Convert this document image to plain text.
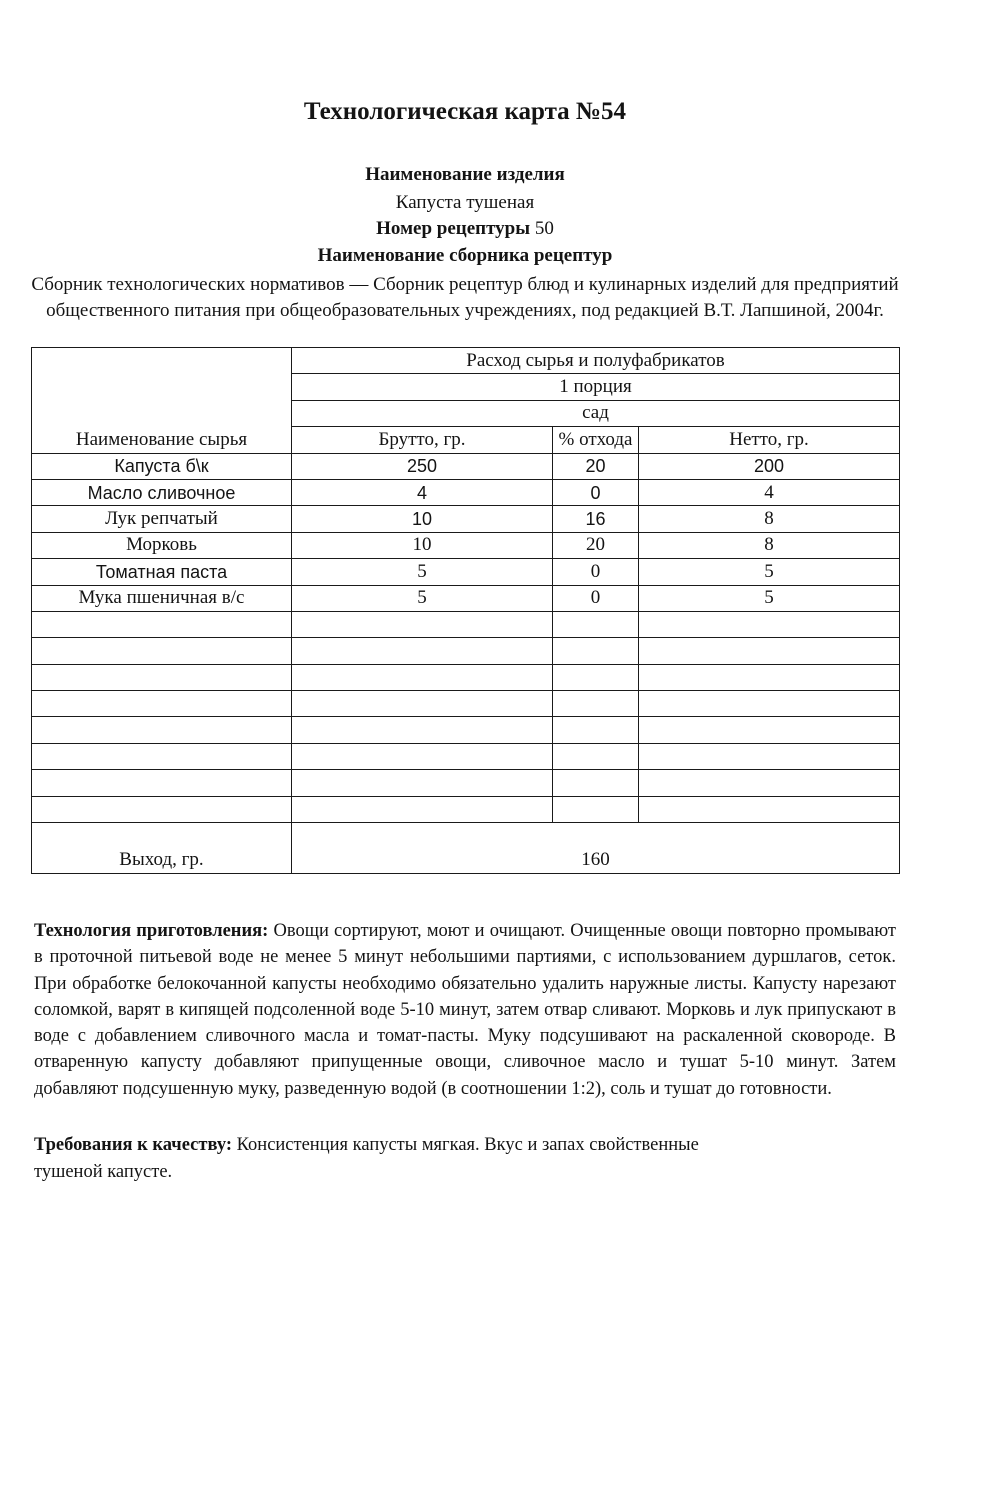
Технологическая карта №54
Наименование изделия
Капуста тушеная
Номер рецептуры 50
Наименование сборника рецептур
Сборник технологических нормативов — Сборник рецептур блюд и кулинарных изделий для предприятий общественного питания при общеобразовательных учреждениях, под редакцией В.Т. Лапшиной, 2004г.
Наименование сырья	Расход сырья и полуфабрикатов		
	1 порция		
	сад		
	Брутто, гр.	% отхода	Нетто, гр.
Капуста б\к	250	20	200
Масло сливочное	4	0	4
Лук репчатый	10	16	8
Морковь	10	20	8
Томатная паста	5	0	5
Мука пшеничная в/с	5	0	5

Выход, гр.	160		
Технология приготовления: Овощи сортируют, моют и очищают. Очищенные овощи повторно промывают в проточной питьевой воде не менее 5 минут небольшими партиями, с использованием дуршлагов, сеток. При обработке белокочанной капусты необходимо обязательно удалить наружные листы. Капусту нарезают соломкой, варят в кипящей подсоленной воде 5-10 минут, затем отвар сливают. Морковь и лук припускают в воде с добавлением сливочного масла и томат-пасты. Муку подсушивают на раскаленной сковороде. В отваренную капусту добавляют припущенные овощи, сливочное масло и тушат 5-10 минут. Затем добавляют подсушенную муку, разведенную водой (в соотношении 1:2), соль и тушат до готовности.
Требования к качеству: Консистенция капусты мягкая. Вкус и запах свойственные
тушеной капусте.
